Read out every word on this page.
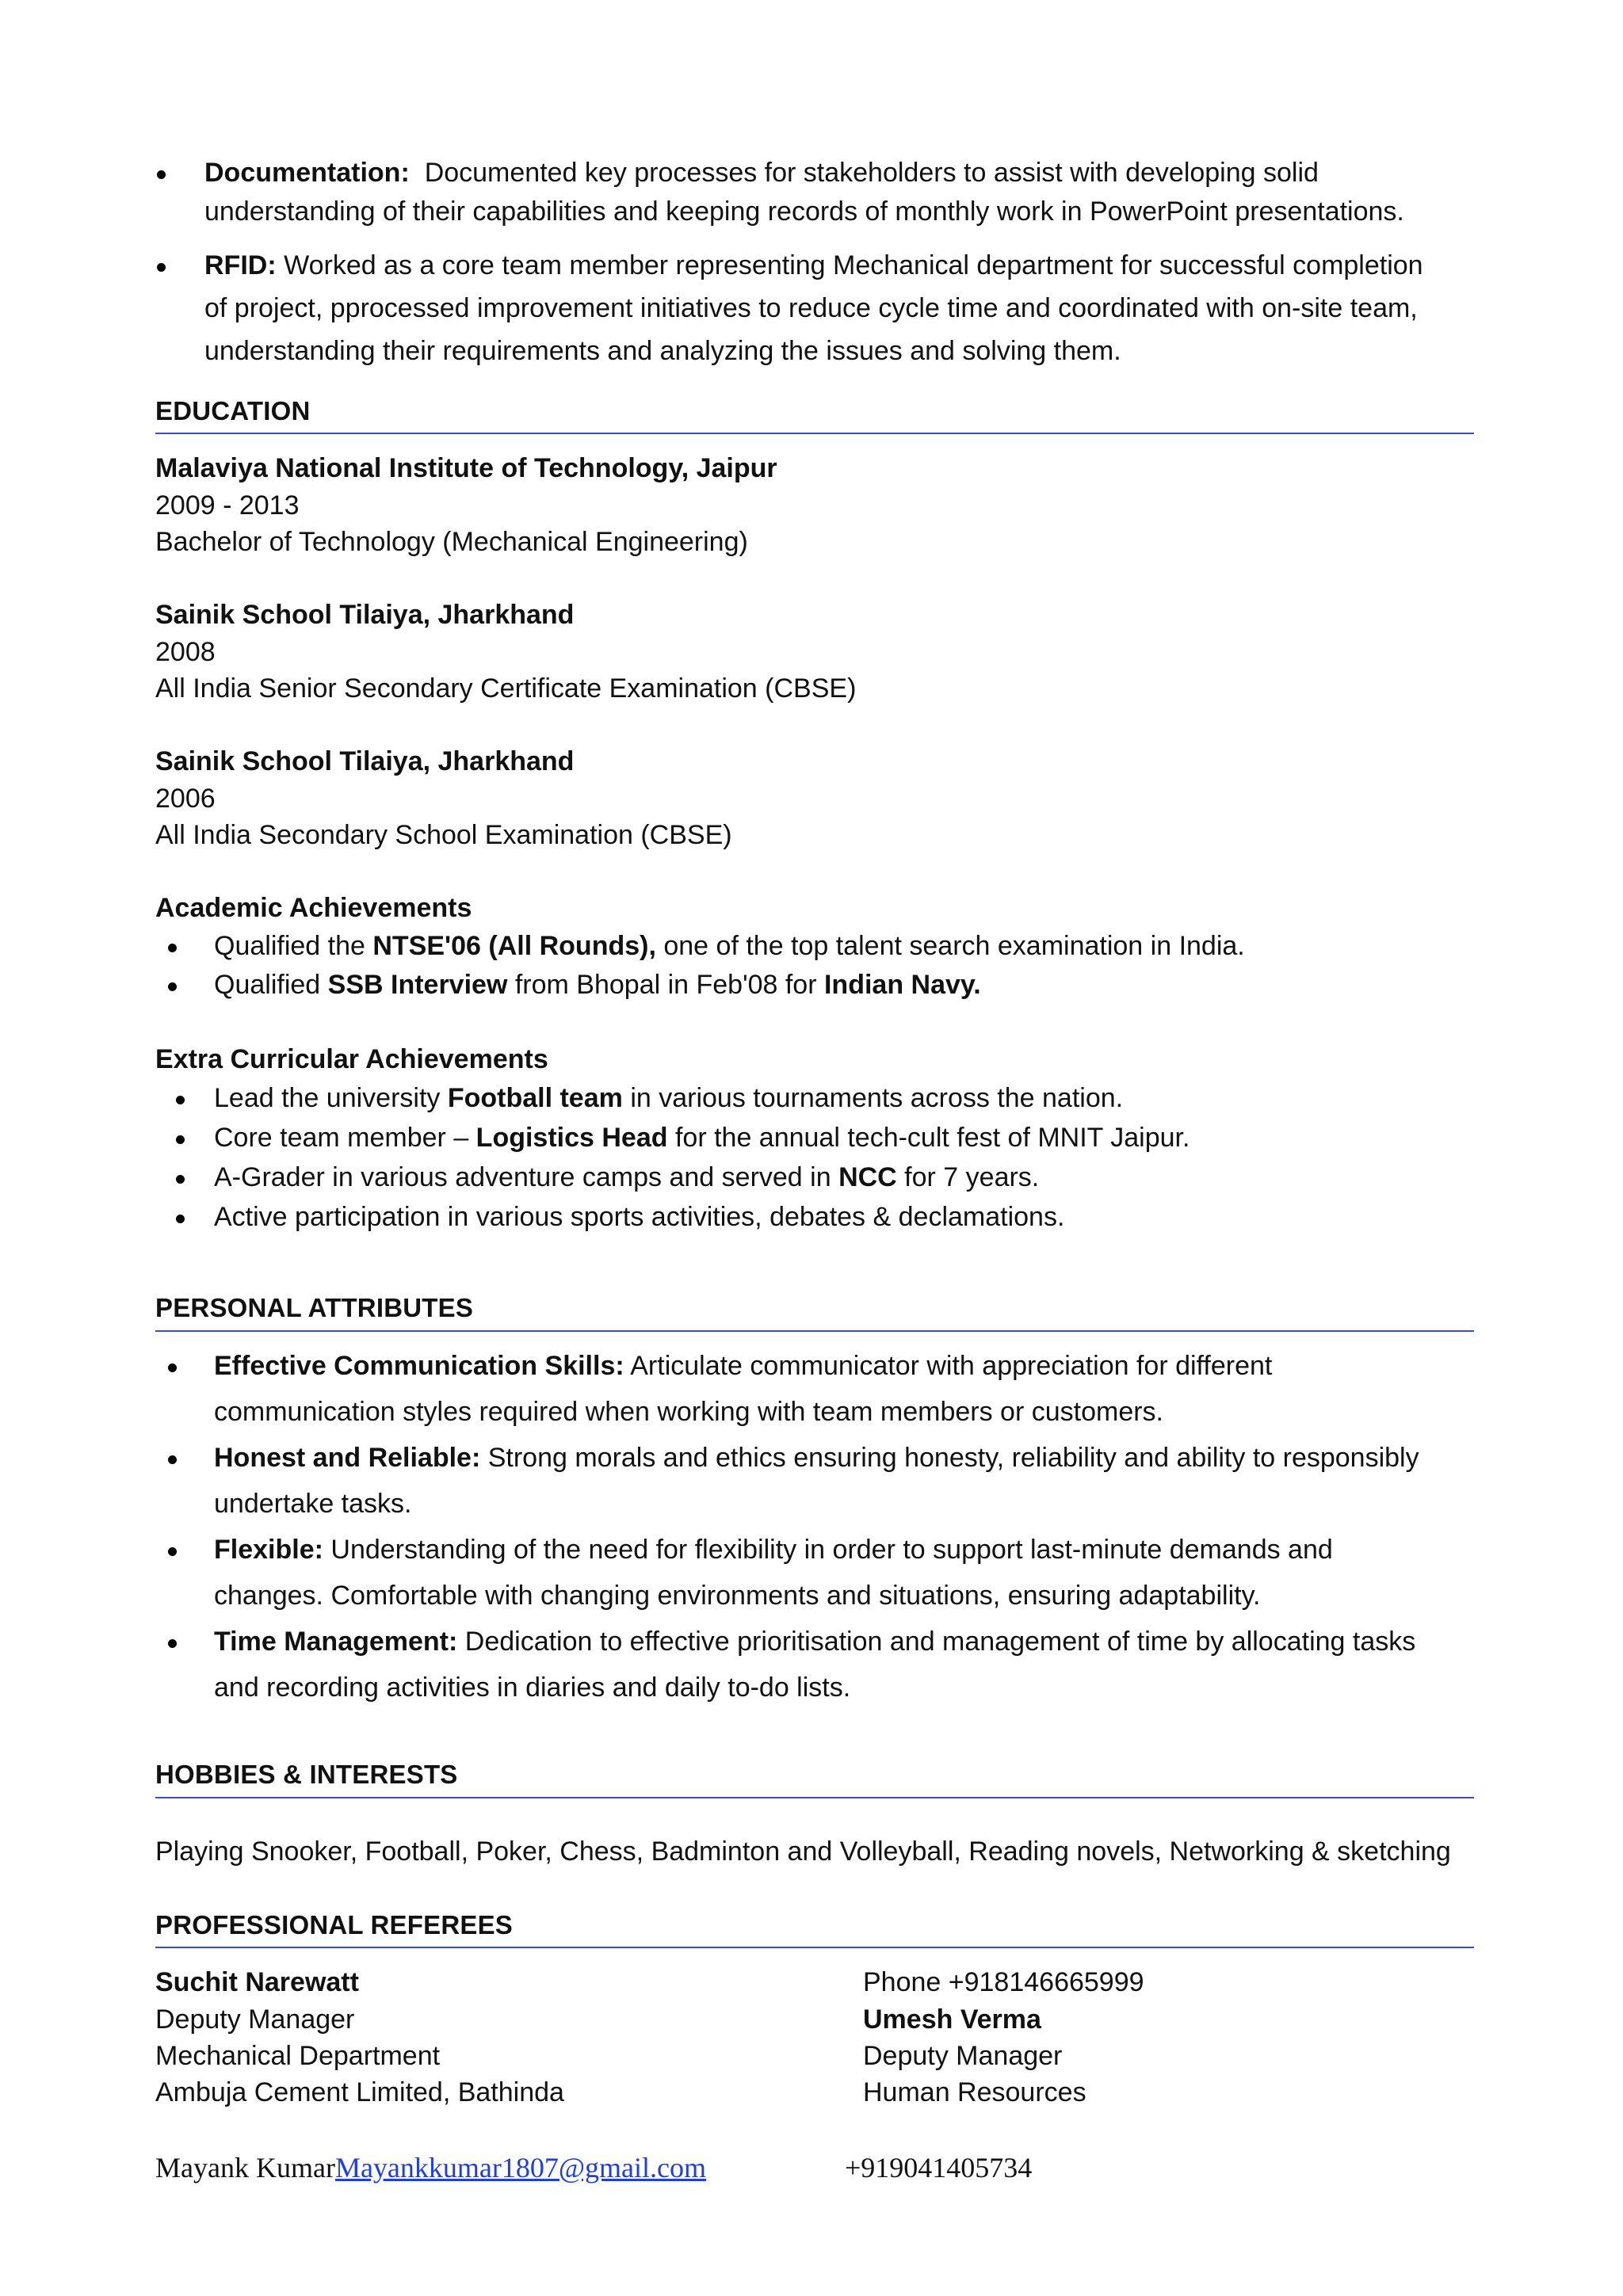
Documentation: Documented key processes for stakeholders to assist with developing solid
understanding of their capabilities and keeping records of monthly work in PowerPoint presentations.
RFID: Worked as a core team member representing Mechanical department for successful completion
of project, pprocessed improvement initiatives to reduce cycle time and coordinated with on-site team,
understanding their requirements and analyzing the issues and solving them.
EDUCATION
Malaviya National Institute of Technology, Jaipur
2009 - 2013
Bachelor of Technology (Mechanical Engineering)
Sainik School Tilaiya, Jharkhand
2008
All India Senior Secondary Certificate Examination (CBSE)
Sainik School Tilaiya, Jharkhand
2006
All India Secondary School Examination (CBSE)
Academic Achievements
Qualified the NTSE'06 (All Rounds), one of the top talent search examination in India.
Qualified SSB Interview from Bhopal in Feb'08 for Indian Navy.
Extra Curricular Achievements
Lead the university Football team in various tournaments across the nation.
Core team member – Logistics Head for the annual tech-cult fest of MNIT Jaipur.
A-Grader in various adventure camps and served in NCC for 7 years.
Active participation in various sports activities, debates & declamations.
PERSONAL ATTRIBUTES
Effective Communication Skills: Articulate communicator with appreciation for different
communication styles required when working with team members or customers.
Honest and Reliable: Strong morals and ethics ensuring honesty, reliability and ability to responsibly
undertake tasks.
Flexible: Understanding of the need for flexibility in order to support last-minute demands and
changes. Comfortable with changing environments and situations, ensuring adaptability.
Time Management: Dedication to effective prioritisation and management of time by allocating tasks
and recording activities in diaries and daily to-do lists.
HOBBIES & INTERESTS
Playing Snooker, Football, Poker, Chess, Badminton and Volleyball, Reading novels, Networking & sketching
PROFESSIONAL REFEREES
Suchit Narewatt
Deputy Manager
Mechanical Department
Ambuja Cement Limited, Bathinda
Phone +918146665999
Umesh Verma
Deputy Manager
Human Resources
Mayank KumarMayankkumar1807@gmail.com	+919041405734
